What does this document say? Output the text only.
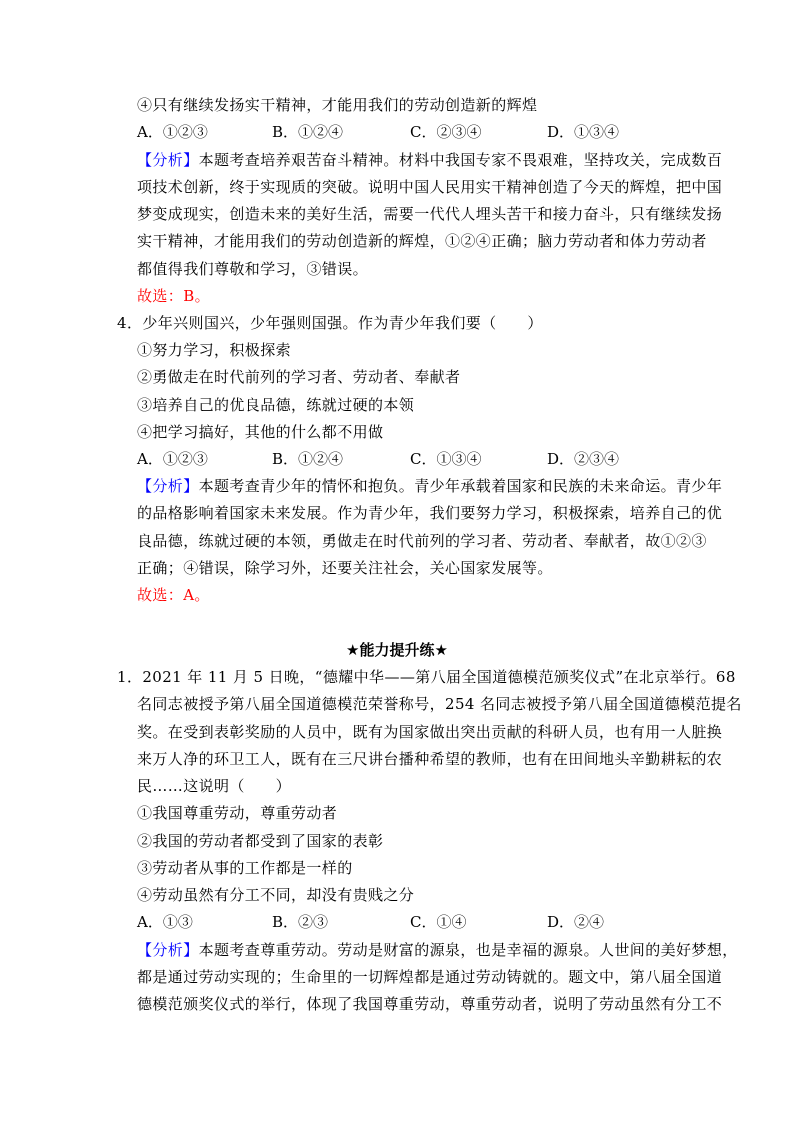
④只有继续发扬实干精神，才能用我们的劳动创造新的辉煌
A．①②③	B．①②④	C．②③④	D．①③④
【分析】本题考查培养艰苦奋斗精神。材料中我国专家不畏艰难，坚持攻关，完成数百
项技术创新，终于实现质的突破。说明中国人民用实干精神创造了今天的辉煌，把中国
梦变成现实，创造未来的美好生活，需要一代代人埋头苦干和接力奋斗，只有继续发扬
实干精神，才能用我们的劳动创造新的辉煌，①②④正确；脑力劳动者和体力劳动者
都值得我们尊敬和学习，③错误。
故选：B。
4．少年兴则国兴，少年强则国强。作为青少年我们要（　　）
①努力学习，积极探索
②勇做走在时代前列的学习者、劳动者、奉献者
③培养自己的优良品德，练就过硬的本领
④把学习搞好，其他的什么都不用做
A．①②③	B．①②④	C．①③④	D．②③④
【分析】本题考查青少年的情怀和抱负。青少年承载着国家和民族的未来命运。青少年
的品格影响着国家未来发展。作为青少年，我们要努力学习，积极探索，培养自己的优
良品德，练就过硬的本领，勇做走在时代前列的学习者、劳动者、奉献者，故①②③
正确；④错误，除学习外，还要关注社会，关心国家发展等。
故选：A。
★能力提升练★
1．2021 年 11 月 5 日晚，“德耀中华——第八届全国道德模范颁奖仪式”在北京举行。68
名同志被授予第八届全国道德模范荣誉称号，254 名同志被授予第八届全国道德模范提名
奖。在受到表彰奖励的人员中，既有为国家做出突出贡献的科研人员，也有用一人脏换
来万人净的环卫工人，既有在三尺讲台播种希望的教师，也有在田间地头辛勤耕耘的农
民……这说明（　　）
①我国尊重劳动，尊重劳动者
②我国的劳动者都受到了国家的表彰
③劳动者从事的工作都是一样的
④劳动虽然有分工不同，却没有贵贱之分
A．①③	B．②③	C．①④	D．②④
【分析】本题考查尊重劳动。劳动是财富的源泉，也是幸福的源泉。人世间的美好梦想，
都是通过劳动实现的；生命里的一切辉煌都是通过劳动铸就的。题文中，第八届全国道
德模范颁奖仪式的举行，体现了我国尊重劳动，尊重劳动者，说明了劳动虽然有分工不
